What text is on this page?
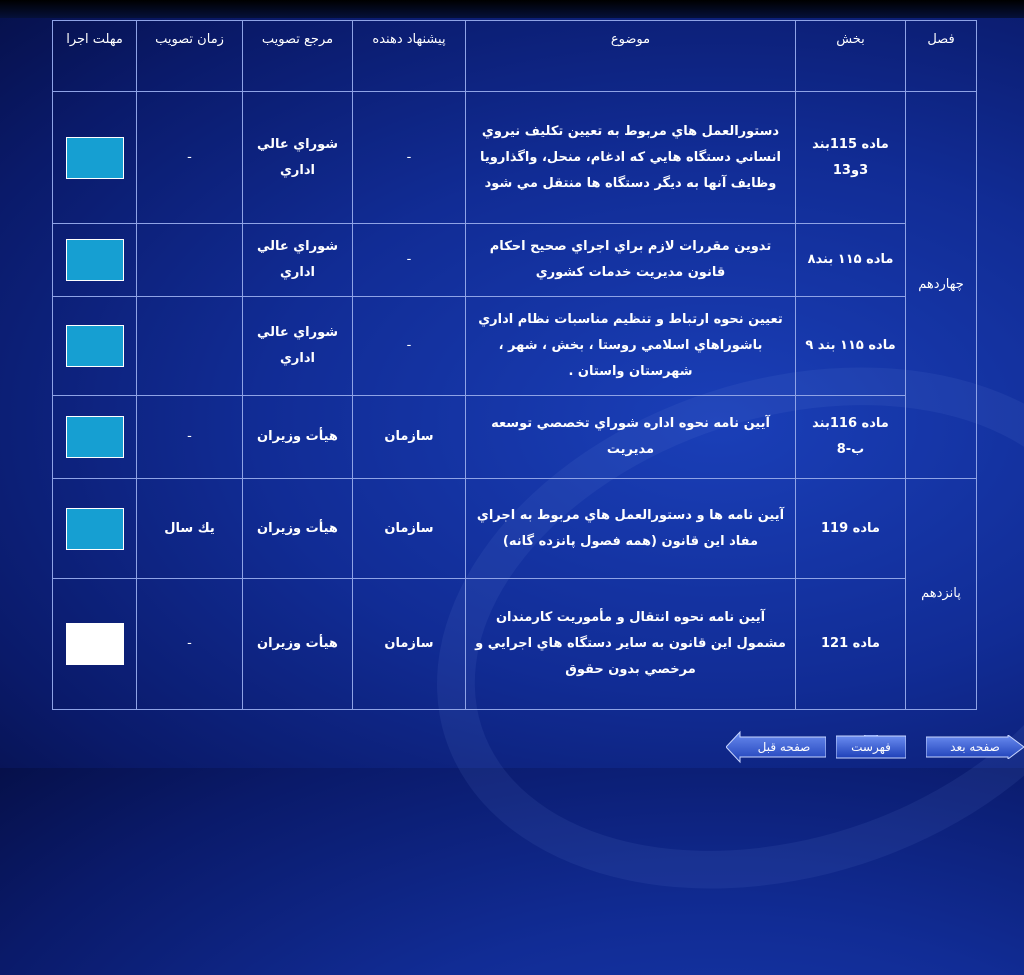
فصل	بخش	موضوع	پيشنهاد دهنده	مرجع تصويب	زمان تصويب	مهلت اجرا
چهاردهم	ماده 115بند 3و13	دستورالعمل هاي مربوط به تعيين تكليف نيروي انساني دستگاه هايي كه ادغام، منحل، واگذارويا وظايف آنها به ديگر دستگاه ها منتقل مي شود	-	شوراي عالي اداري	-	
	ماده ۱۱۵ بند۸	تدوين مقررات لازم براي اجراي صحيح احكام قانون مديريت خدمات كشوري	-	شوراي عالي اداري		
	ماده ۱۱۵ بند ۹	تعيين نحوه ارتباط و تنظيم مناسبات نظام اداري باشوراهاي اسلامي روستا ، بخش ، شهر ، شهرستان واستان .	-	شوراي عالي اداري		
	ماده 116بند ب-8	آيين نامه نحوه اداره شوراي تخصصي توسعه مديريت	سازمان	هيأت وزيران	-	
پانزدهم	ماده 119	آيين نامه ها و دستورالعمل هاي مربوط به اجراي مفاد اين قانون (همه فصول پانزده گانه)	سازمان	هيأت وزيران	يك سال	
	ماده 121	آيين نامه نحوه انتقال و مأموريت كارمندان مشمول اين قانون به ساير دستگاه هاي اجرايي و مرخصي بدون حقوق	سازمان	هيأت وزيران	-	
صفحه بعد
فهرست
صفحه قبل
